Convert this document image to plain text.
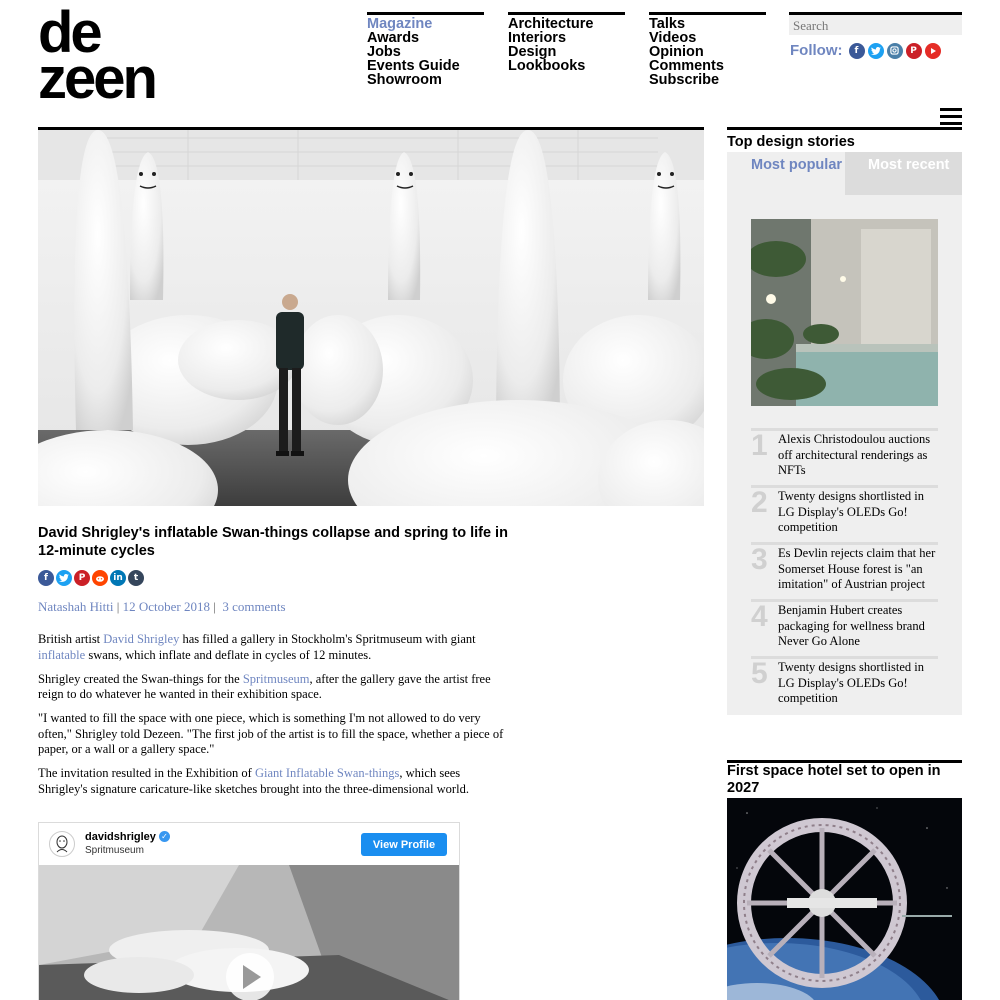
de
zeen
Magazine
Awards
Jobs
Events Guide
Showroom
Architecture
Interiors
Design
Lookbooks
Talks
Videos
Opinion
Comments
Subscribe
Search
Follow:	f	P
David Shrigley's inflatable Swan-things collapse and spring to life in 12-minute cycles
f	P	in	t
Natashah Hitti | 12 October 2018 |  3 comments

British artist David Shrigley has filled a gallery in Stockholm's Spritmuseum with giant inflatable swans, which inflate and deflate in cycles of 12 minutes.

Shrigley created the Swan-things for the Spritmuseum, after the gallery gave the artist free reign to do whatever he wanted in their exhibition space.

"I wanted to fill the space with one piece, which is something I'm not allowed to do very often," Shrigley told Dezeen. "The first job of the artist is to fill the space, whether a piece of paper, or a wall or a gallery space."

The invitation resulted in the Exhibition of Giant Inflatable Swan-things, which sees Shrigley's signature caricature-like sketches brought into the three-dimensional world.

davidshrigley ✓
Spritmuseum	View Profile
Top design stories
Most popular	Most recent
1 Alexis Christodoulou auctions off architectural renderings as NFTs
2 Twenty designs shortlisted in LG Display's OLEDs Go! competition
3 Es Devlin rejects claim that her Somerset House forest is "an imitation" of Austrian project
4 Benjamin Hubert creates packaging for wellness brand Never Go Alone
5 Twenty designs shortlisted in LG Display's OLEDs Go! competition
First space hotel set to open in 2027
